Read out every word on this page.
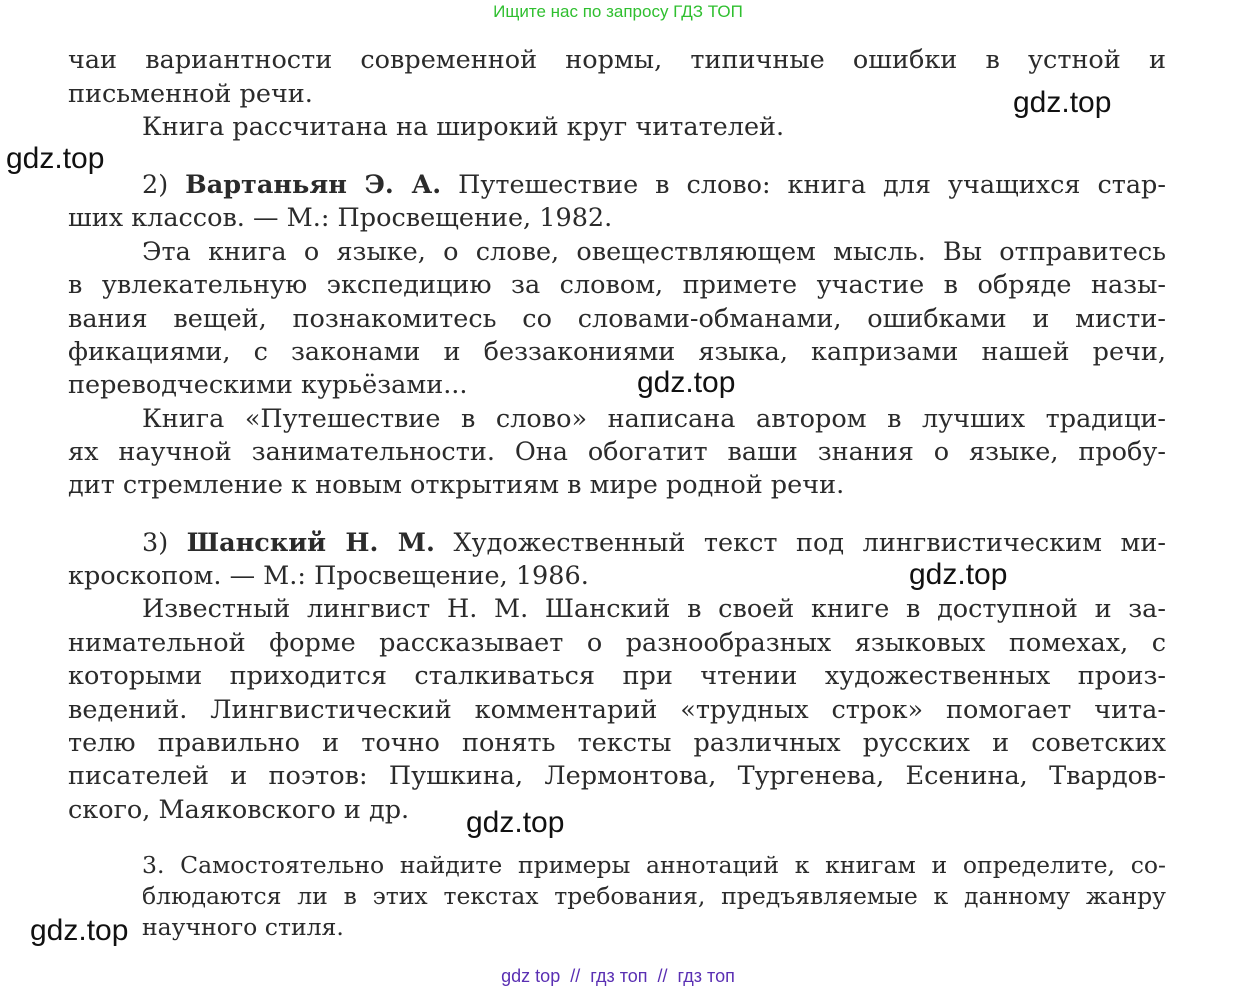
Ищите нас по запросу ГДЗ ТОП
чаи вариантности современной нормы, типичные ошибки в устной и
письменной речи.
Книга рассчитана на широкий круг читателей.
2) Вартаньян Э. А. Путешествие в слово: книга для учащихся стар-
ших классов. — М.: Просвещение, 1982.
Эта книга о языке, о слове, овеществляющем мысль. Вы отправитесь
в увлекательную экспедицию за словом, примете участие в обряде назы-
вания вещей, познакомитесь со словами-обманами, ошибками и мисти-
фикациями, с законами и беззакониями языка, капризами нашей речи,
переводческими курьёзами...
Книга «Путешествие в слово» написана автором в лучших традици-
ях научной занимательности. Она обогатит ваши знания о языке, пробу-
дит стремление к новым открытиям в мире родной речи.
3) Шанский Н. М. Художественный текст под лингвистическим ми-
кроскопом. — М.: Просвещение, 1986.
Известный лингвист Н. М. Шанский в своей книге в доступной и за-
нимательной форме рассказывает о разнообразных языковых помехах, с
которыми приходится сталкиваться при чтении художественных произ-
ведений. Лингвистический комментарий «трудных строк» помогает чита-
телю правильно и точно понять тексты различных русских и советских
писателей и поэтов: Пушкина, Лермонтова, Тургенева, Есенина, Твардов-
ского, Маяковского и др.
3. Самостоятельно найдите примеры аннотаций к книгам и определите, со-
блюдаются ли в этих текстах требования, предъявляемые к данному жанру
научного стиля.
gdz.top
gdz.top
gdz.top
gdz.top
gdz.top
gdz.top
gdz top  //  гдз топ  //  гдз топ
